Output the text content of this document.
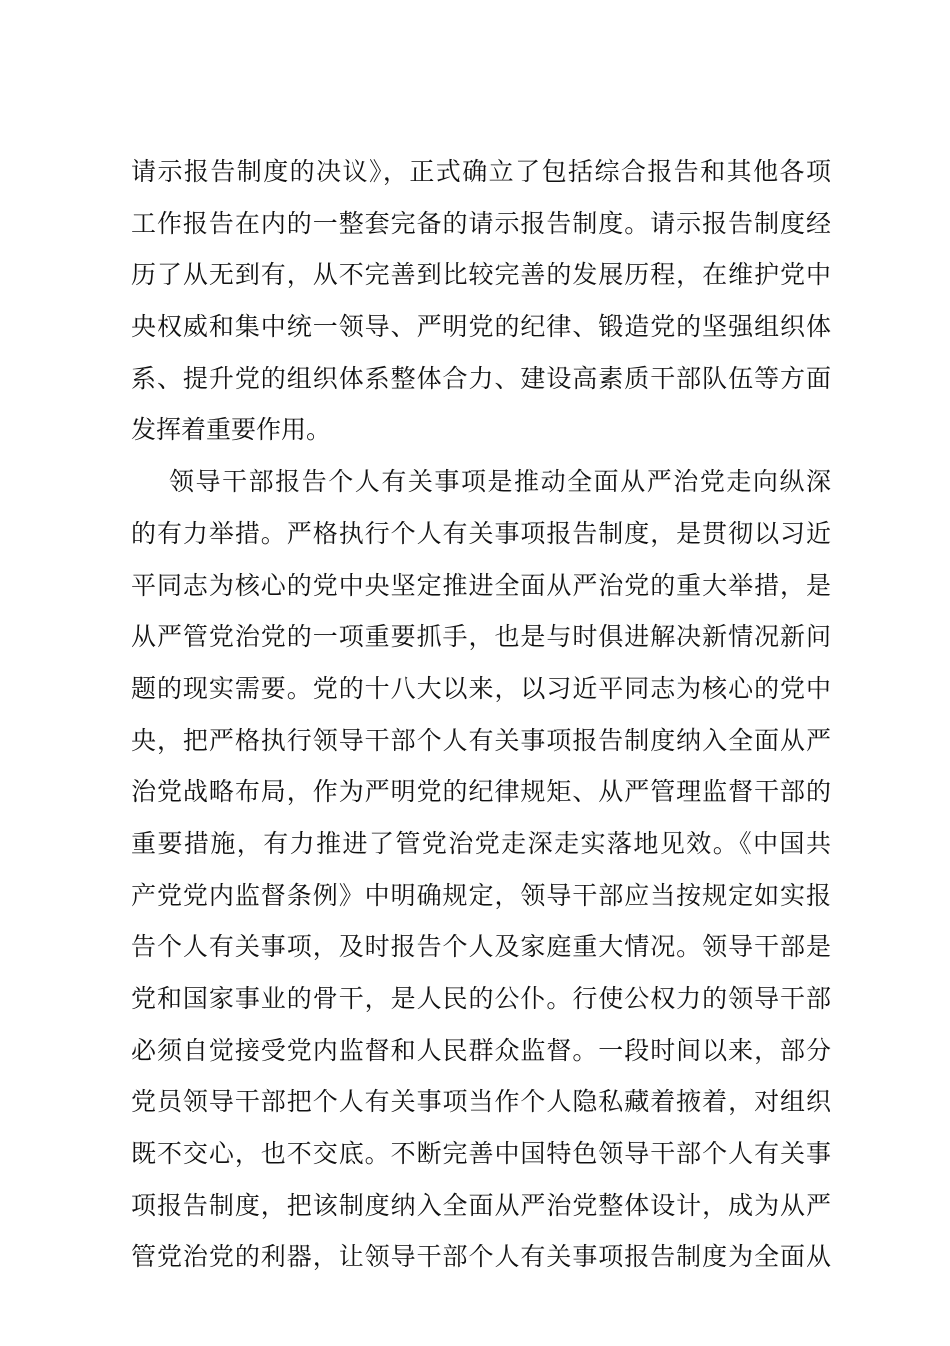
请示报告制度的决议》，正式确立了包括综合报告和其他各项
工作报告在内的一整套完备的请示报告制度。请示报告制度经
历了从无到有，从不完善到比较完善的发展历程，在维护党中
央权威和集中统一领导、严明党的纪律、锻造党的坚强组织体
系、提升党的组织体系整体合力、建设高素质干部队伍等方面
发挥着重要作用。
领导干部报告个人有关事项是推动全面从严治党走向纵深
的有力举措。严格执行个人有关事项报告制度，是贯彻以习近
平同志为核心的党中央坚定推进全面从严治党的重大举措，是
从严管党治党的一项重要抓手，也是与时俱进解决新情况新问
题的现实需要。党的十八大以来，以习近平同志为核心的党中
央，把严格执行领导干部个人有关事项报告制度纳入全面从严
治党战略布局，作为严明党的纪律规矩、从严管理监督干部的
重要措施，有力推进了管党治党走深走实落地见效。《中国共
产党党内监督条例》中明确规定，领导干部应当按规定如实报
告个人有关事项，及时报告个人及家庭重大情况。领导干部是
党和国家事业的骨干，是人民的公仆。行使公权力的领导干部
必须自觉接受党内监督和人民群众监督。一段时间以来，部分
党员领导干部把个人有关事项当作个人隐私藏着掖着，对组织
既不交心，也不交底。不断完善中国特色领导干部个人有关事
项报告制度，把该制度纳入全面从严治党整体设计，成为从严
管党治党的利器，让领导干部个人有关事项报告制度为全面从
